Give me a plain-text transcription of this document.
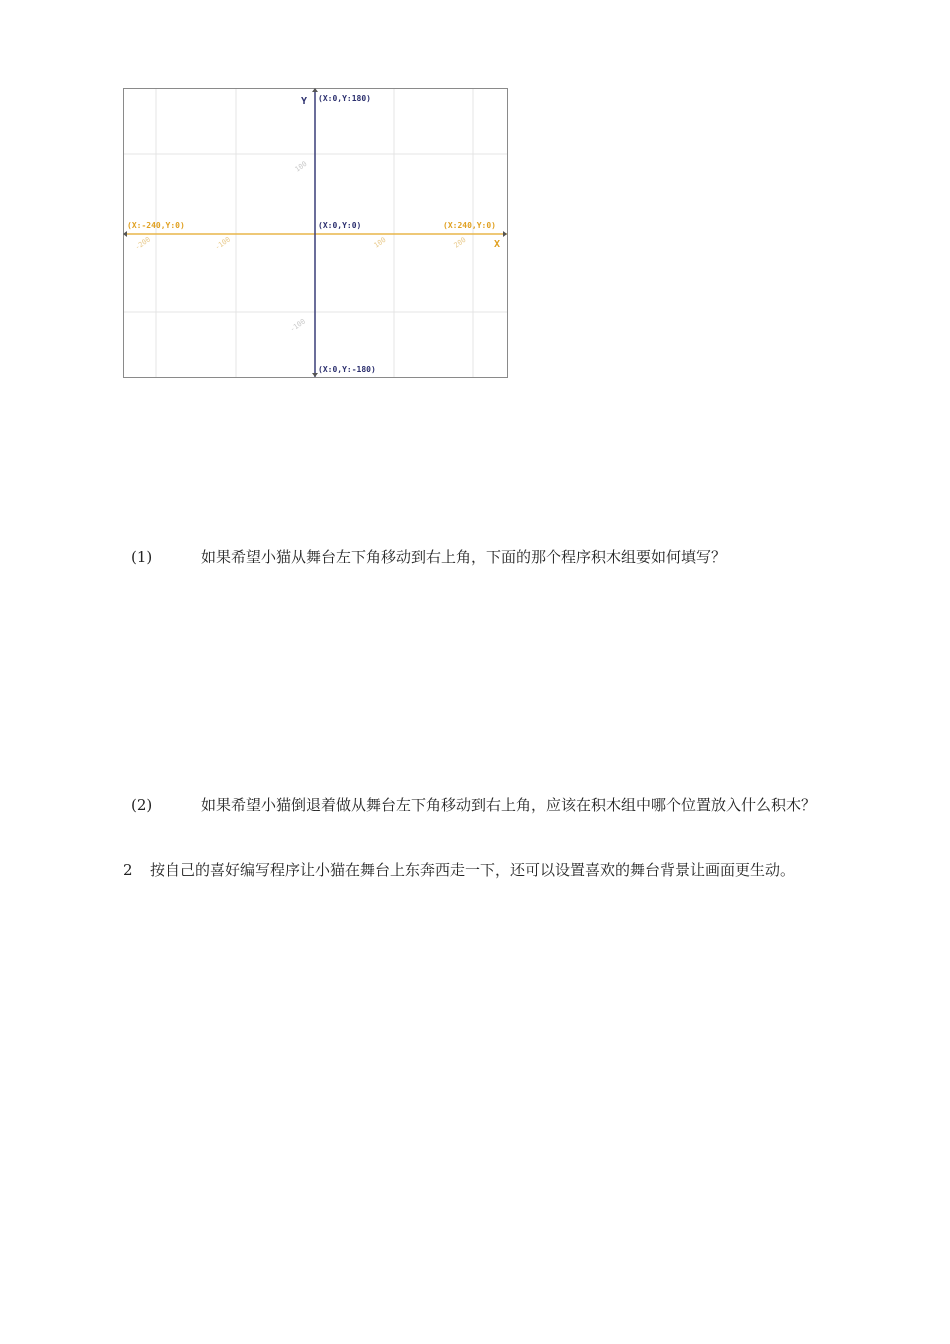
Y
X
(X:0,Y:180)
(X:0,Y:-180)
(X:-240,Y:0)	(X:0,Y:0)	(X:240,Y:0)
-200	-100	100	200
100
-100
(1)	如果希望小猫从舞台左下角移动到右上角，下面的那个程序积木组要如何填写？
(2)	如果希望小猫倒退着做从舞台左下角移动到右上角，应该在积木组中哪个位置放入什么积木？
2 按自己的喜好编写程序让小猫在舞台上东奔西走一下，还可以设置喜欢的舞台背景让画面更生动。
